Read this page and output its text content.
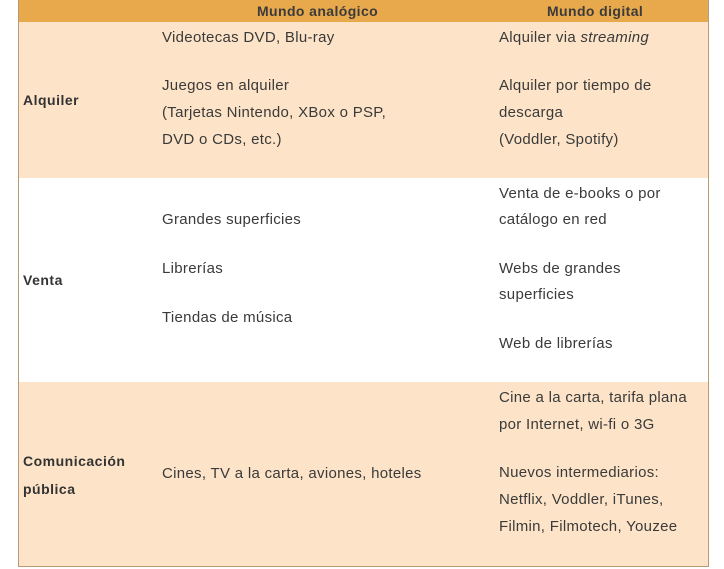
Mundo analógico	Mundo digital
Alquiler
Videotecas DVD, Blu-ray
Juegos en alquiler
(Tarjetas Nintendo, XBox o PSP,
DVD o CDs, etc.)
Alquiler via streaming
Alquiler por tiempo de
descarga
(Voddler, Spotify)
Venta
Grandes superficies
Librerías
Tiendas de música
Venta de e-books o por
catálogo en red
Webs de grandes
superficies
Web de librerías
Comunicación
pública
Cines, TV a la carta, aviones, hoteles
Cine a la carta, tarifa plana
por Internet, wi-fi o 3G
Nuevos intermediarios:
Netflix, Voddler, iTunes,
Filmin, Filmotech, Youzee
